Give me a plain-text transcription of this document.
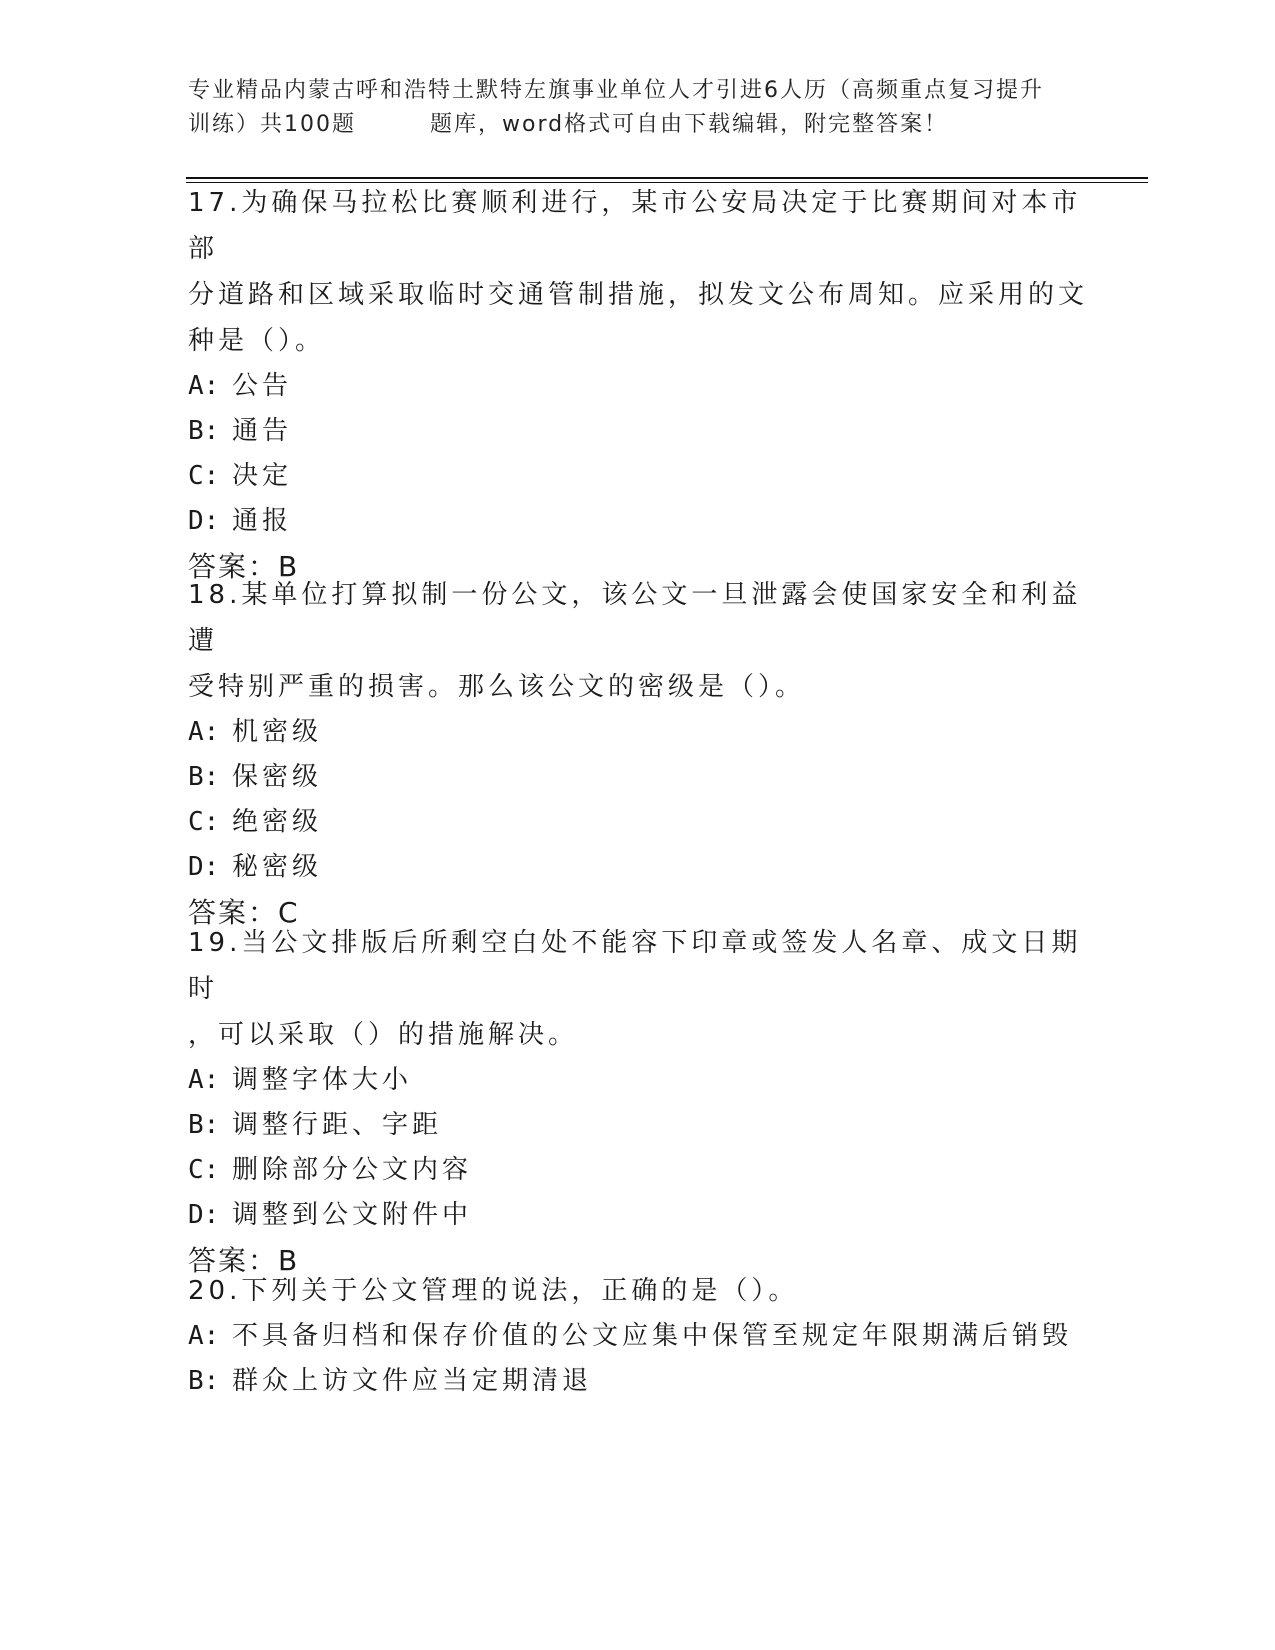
专业精品内蒙古呼和浩特土默特左旗事业单位人才引进6人历（高频重点复习提升
训练）共100题	题库，word格式可自由下载编辑，附完整答案！
17.为确保马拉松比赛顺利进行，某市公安局决定于比赛期间对本市部
分道路和区域采取临时交通管制措施，拟发文公布周知。应采用的文
种是（）。
A: 公告
B: 通告
C: 决定
D: 通报
答案：B
18.某单位打算拟制一份公文，该公文一旦泄露会使国家安全和利益遭
受特别严重的损害。那么该公文的密级是（）。
A: 机密级
B: 保密级
C: 绝密级
D: 秘密级
答案：C
19.当公文排版后所剩空白处不能容下印章或签发人名章、成文日期时
，可以采取（）的措施解决。
A: 调整字体大小
B: 调整行距、字距
C: 删除部分公文内容
D: 调整到公文附件中
答案：B
20.下列关于公文管理的说法，正确的是（）。
A: 不具备归档和保存价值的公文应集中保管至规定年限期满后销毁
B: 群众上访文件应当定期清退
